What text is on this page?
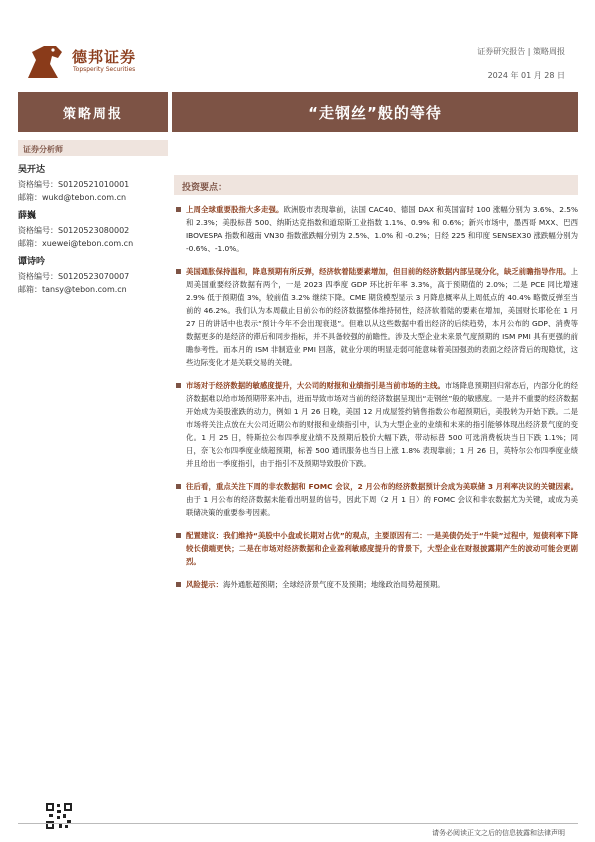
德邦证券
Topsperity Securities
证券研究报告 | 策略周报
2024 年 01 月 28 日
策略周报	“走钢丝”般的等待
证券分析师
吴开达
资格编号：S0120521010001
邮箱：wukd@tebon.com.cn
薛巍
资格编号：S0120523080002
邮箱：xuewei@tebon.com.cn
谭诗吟
资格编号：S0120523070007
邮箱：tansy@tebon.com.cn
投资要点：
上周全球重要股指大多走强。欧洲股市表现靠前，法国 CAC40、德国 DAX 和英国富时 100 涨幅分别为 3.6%、2.5% 和 2.3%；美股标普 500、纳斯达克指数和道琼斯工业指数 1.1%、0.9% 和 0.6%；新兴市场中，墨西哥 MXX、巴西 IBOVESPA 指数和越南 VN30 指数涨跌幅分别为 2.5%、1.0% 和 -0.2%；日经 225 和印度 SENSEX30 涨跌幅分别为 -0.6%、-1.0%。
美国通胀保持温和，降息预期有所反弹，经济软着陆要素增加，但目前的经济数据内部呈现分化，缺乏前瞻指导作用。上周美国重要经济数据有两个，一是 2023 四季度 GDP 环比折年率 3.3%，高于预期值的 2.0%；二是 PCE 同比增速 2.9% 低于预期值 3%，较前值 3.2% 继续下降。CME 期货模型显示 3 月降息概率从上周低点的 40.4% 略微反弹至当前的 46.2%。我们认为本周截止目前公布的经济数据整体维持韧性，经济软着陆的要素在增加，美国财长耶伦在 1 月 27 日的讲话中也表示“预计今年不会出现衰退”。但难以从这些数据中看出经济的后续趋势，本月公布的 GDP、消费等数据更多的是经济的滞后和同步指标，并不具备较强的前瞻性。涉及大型企业未来景气度预期的 ISM PMI 具有更强的前瞻参考性。而本月的 ISM 非制造业 PMI 回落，就业分项的明显走弱可能意味着美国强劲的表面之经济背后的现隐忧，这些边际变化才是关联交易的关键。
市场对于经济数据的敏感度提升，大公司的财报和业绩指引是当前市场的主线。市场降息预期回归常态后，内部分化的经济数据难以给市场预期带来冲击，进而导致市场对当前的经济数据呈现出“走钢丝”般的敏感度。一是并不重要的经济数据开始成为美股涨跌的动力，例如 1 月 26 日晚，美国 12 月成屋签约销售指数公布超预期后，美股转为开始下跌。二是市场将关注点放在大公司近期公布的财报和业绩指引中，认为大型企业的业绩和未来的指引能够体现出经济景气度的变化。1 月 25 日，特斯拉公布四季度业绩不及预期后股价大幅下跌，带动标普 500 可选消费板块当日下跌 1.1%；同日，奈飞公布四季度业绩超预期，标普 500 通讯服务也当日上涨 1.8% 表现靠前；1 月 26 日，英特尔公布四季度业绩并且给出一季度指引，由于指引不及预期导致股价下跌。
往后看，重点关注下周的非农数据和 FOMC 会议，2 月公布的经济数据预计会成为美联储 3 月利率决议的关键因素。由于 1 月公布的经济数据未能看出明显的信号，因此下周（2 月 1 日）的 FOMC 会议和非农数据尤为关键，或成为美联储决策的重要参考因素。
配置建议：我们维持“美股中小盘或长期对占优”的观点，主要原因有二：一是美债仍处于“牛陡”过程中，短债利率下降较长债端更快；二是在市场对经济数据和企业盈利敏感度提升的背景下，大型企业在财报披露期产生的波动可能会更剧烈。
风险提示：海外通胀超预期；全球经济景气度不及预期；地缘政治局势超预期。
请务必阅读正文之后的信息披露和法律声明
